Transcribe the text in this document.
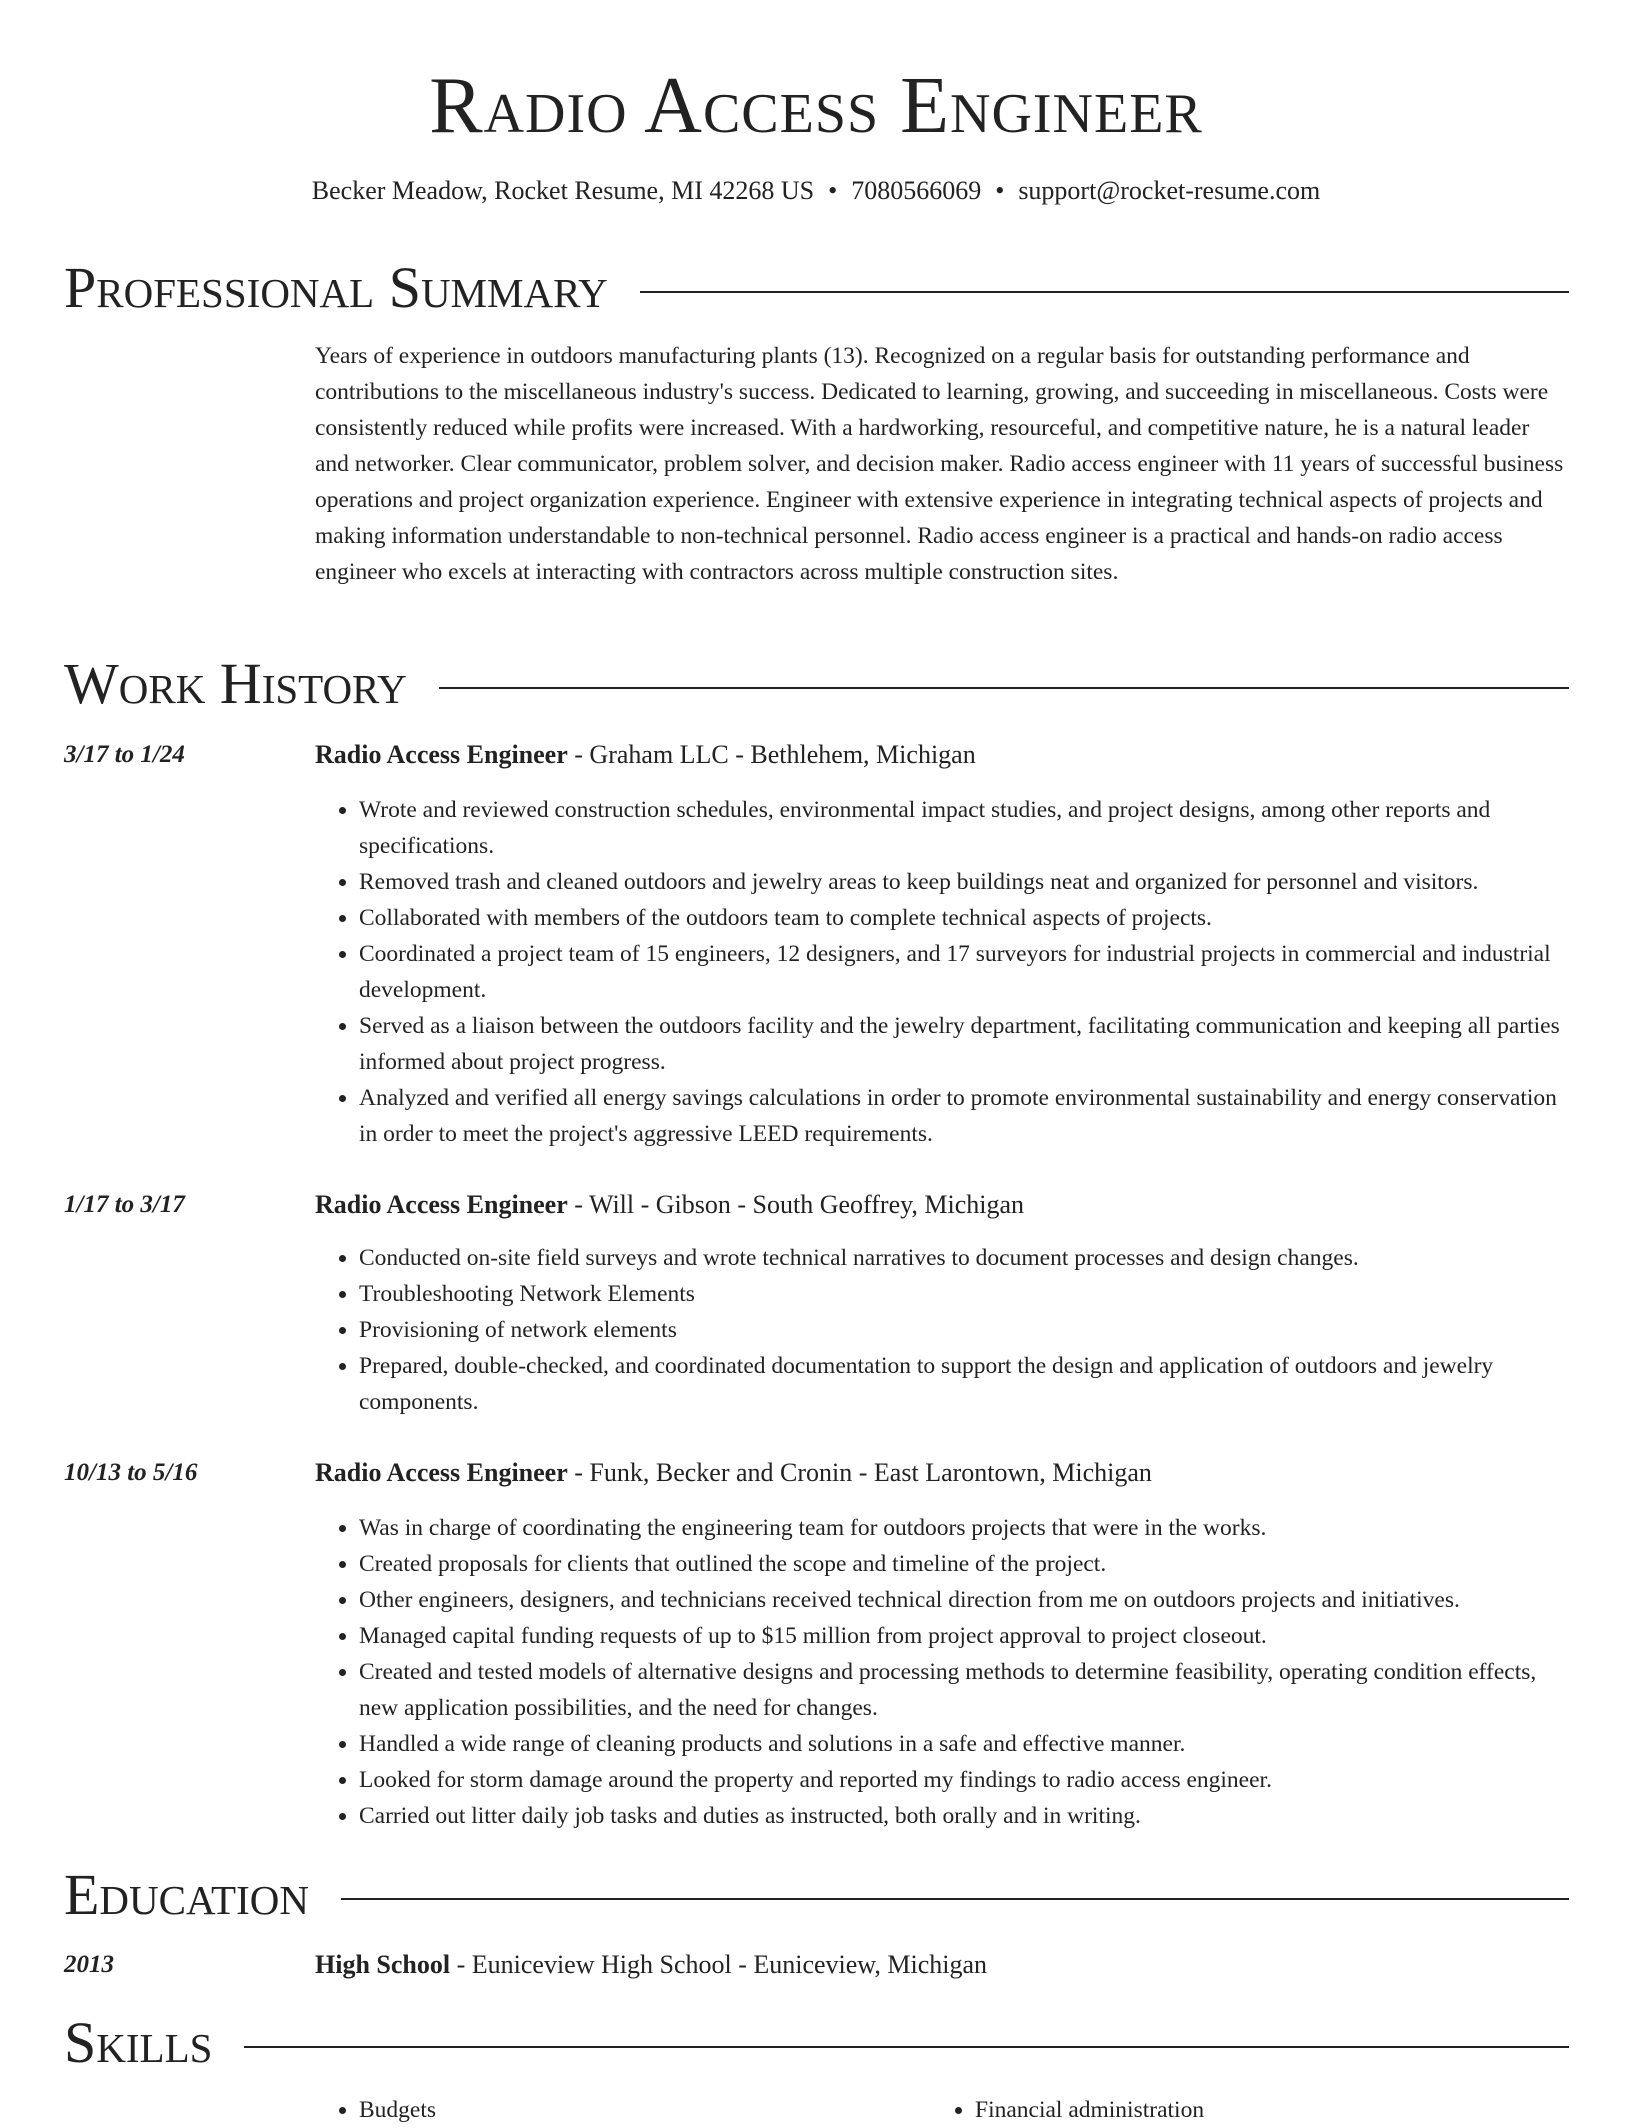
Radio Access Engineer
Becker Meadow, Rocket Resume, MI 42268 US • 7080566069 • support@rocket-resume.com
Professional Summary

Years of experience in outdoors manufacturing plants (13). Recognized on a regular basis for outstanding performance and contributions to the miscellaneous industry's success. Dedicated to learning, growing, and succeeding in miscellaneous. Costs were consistently reduced while profits were increased. With a hardworking, resourceful, and competitive nature, he is a natural leader and networker. Clear communicator, problem solver, and decision maker. Radio access engineer with 11 years of successful business operations and project organization experience. Engineer with extensive experience in integrating technical aspects of projects and making information understandable to non-technical personnel. Radio access engineer is a practical and hands-on radio access engineer who excels at interacting with contractors across multiple construction sites.

Work History
3/17 to 1/24	Radio Access Engineer - Graham LLC - Bethlehem, Michigan
• Wrote and reviewed construction schedules, environmental impact studies, and project designs, among other reports and specifications.
• Removed trash and cleaned outdoors and jewelry areas to keep buildings neat and organized for personnel and visitors.
• Collaborated with members of the outdoors team to complete technical aspects of projects.
• Coordinated a project team of 15 engineers, 12 designers, and 17 surveyors for industrial projects in commercial and industrial development.
• Served as a liaison between the outdoors facility and the jewelry department, facilitating communication and keeping all parties informed about project progress.
• Analyzed and verified all energy savings calculations in order to promote environmental sustainability and energy conservation in order to meet the project's aggressive LEED requirements.
1/17 to 3/17	Radio Access Engineer - Will - Gibson - South Geoffrey, Michigan
• Conducted on-site field surveys and wrote technical narratives to document processes and design changes.
• Troubleshooting Network Elements
• Provisioning of network elements
• Prepared, double-checked, and coordinated documentation to support the design and application of outdoors and jewelry components.
10/13 to 5/16	Radio Access Engineer - Funk, Becker and Cronin - East Larontown, Michigan
• Was in charge of coordinating the engineering team for outdoors projects that were in the works.
• Created proposals for clients that outlined the scope and timeline of the project.
• Other engineers, designers, and technicians received technical direction from me on outdoors projects and initiatives.
• Managed capital funding requests of up to $15 million from project approval to project closeout.
• Created and tested models of alternative designs and processing methods to determine feasibility, operating condition effects, new application possibilities, and the need for changes.
• Handled a wide range of cleaning products and solutions in a safe and effective manner.
• Looked for storm damage around the property and reported my findings to radio access engineer.
• Carried out litter daily job tasks and duties as instructed, both orally and in writing.
Education
2013	High School - Euniceview High School - Euniceview, Michigan
Skills
• Budgets
•	Financial administration
